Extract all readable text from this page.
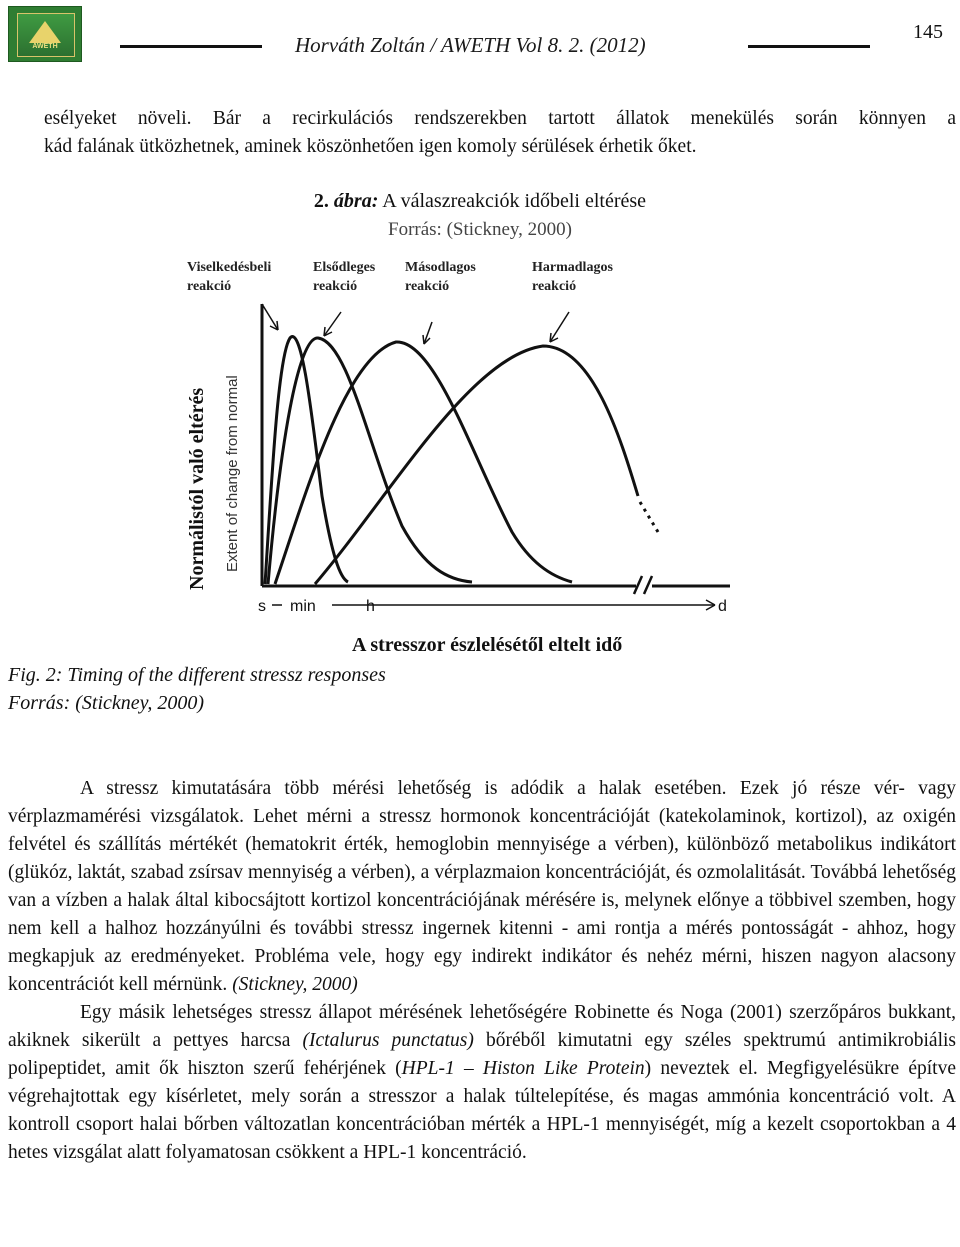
AWETH	Horváth Zoltán / AWETH Vol 8. 2. (2012)
145

esélyeket növeli. Bár a recirkulációs rendszerekben tartott állatok menekülés során könnyen a

kád falának ütközhetnek, aminek köszönhetően igen komoly sérülések érhetik őket.

2. ábra: A válaszreakciók időbeli eltérése
Forrás: (Stickney, 2000)
Viselkedésbeli
reakció
Elsődleges
reakció
Másodlagos
reakció
Harmadlagos
reakció
Normálistól való eltérés Extent of change from normal
s min	h	d
A stresszor észlelésétől eltelt idő
Fig. 2: Timing of the different stressz responses
Forrás: (Stickney, 2000)

A stressz kimutatására több mérési lehetőség is adódik a halak esetében. Ezek jó része vér- vagy vérplazmamérési vizsgálatok. Lehet mérni a stressz hormonok koncentrációját (katekolaminok, kortizol), az oxigén felvétel és szállítás mértékét (hematokrit érték, hemoglobin mennyisége a vérben), különböző metabolikus indikátort (glükóz, laktát, szabad zsírsav mennyiség a vérben), a vérplazmaion koncentrációját, és ozmolalitását. Továbbá lehetőség van a vízben a halak által kibocsájtott kortizol koncentrációjának mérésére is, melynek előnye a többivel szemben, hogy nem kell a halhoz hozzányúlni és további stressz ingernek kitenni - ami rontja a mérés pontosságát - ahhoz, hogy megkapjuk az eredményeket. Probléma vele, hogy egy indirekt indikátor és nehéz mérni, hiszen nagyon alacsony koncentrációt kell mérnünk. (Stickney, 2000)

Egy másik lehetséges stressz állapot mérésének lehetőségére Robinette és Noga (2001) szerzőpáros bukkant, akiknek sikerült a pettyes harcsa (Ictalurus punctatus) bőréből kimutatni egy széles spektrumú antimikrobiális polipeptidet, amit ők hiszton szerű fehérjének (HPL-1 – Histon Like Protein) neveztek el. Megfigyelésükre építve végrehajtottak egy kísérletet, mely során a stresszor a halak túltelepítése, és magas ammónia koncentráció volt. A kontroll csoport halai bőrben változatlan koncentrációban mérték a HPL-1 mennyiségét, míg a kezelt csoportokban a 4 hetes vizsgálat alatt folyamatosan csökkent a HPL-1 koncentráció.
